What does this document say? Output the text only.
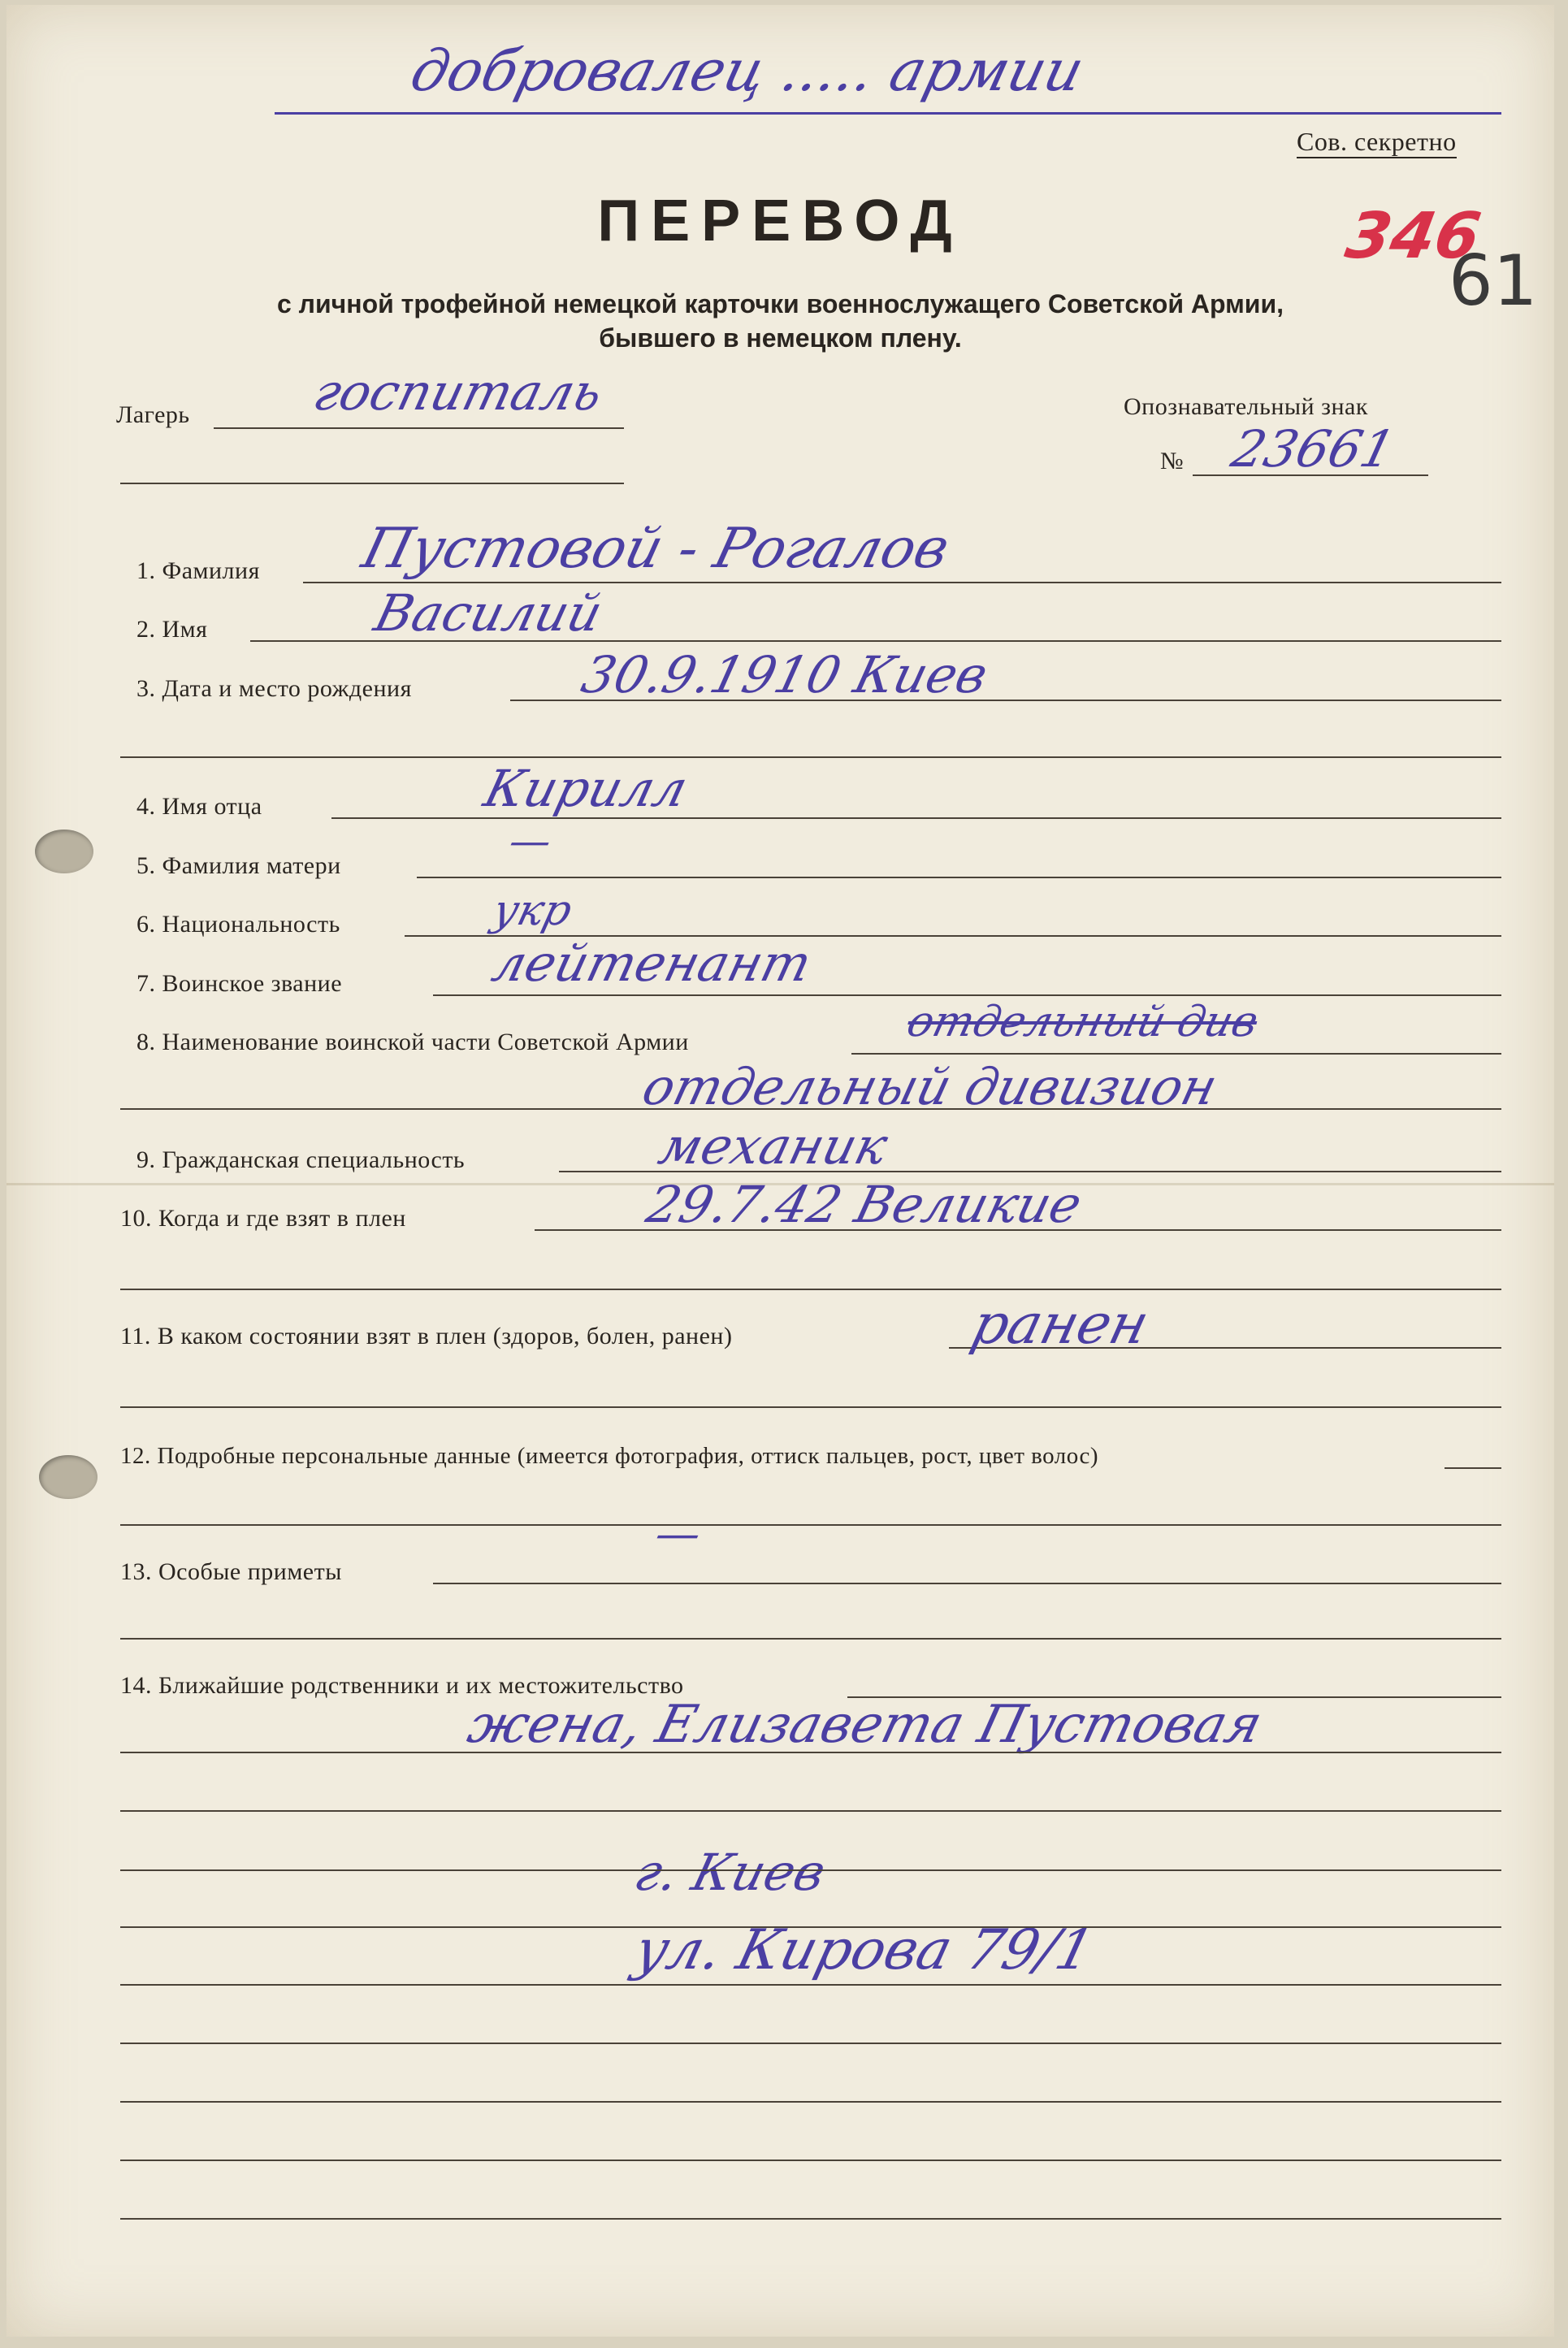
добровалец ..... армии
Сов. секретно
346
61
ПЕРЕВОД
с личной трофейной немецкой карточки военнослужащего Советской Армии,
бывшего в немецком плену.
Лагерь госпиталь	Опознавательный знак
№ 23661
1. Фамилия Пустовой - Рогалов
2. Имя	Василий
3. Дата и место рождения	30.9.1910 Киев
4. Имя отца	Кирилл
5. Фамилия матери
—
6. Национальность	укр
7. Воинское звание	лейтенант
8. Наименование воинской части Советской Армии	отдельный див
отдельный дивизион
9. Гражданская специальность	механик
10. Когда и где взят в плен	29.7.42 Великие
11. В каком состоянии взят в плен (здоров, болен, ранен)	ранен
12. Подробные персональные данные (имеется фотография, оттиск пальцев, рост, цвет волос)
—
13. Особые приметы
14. Ближайшие родственники и их местожительство
жена, Елизавета Пустовая
г. Киев
ул. Кирова 79/1
